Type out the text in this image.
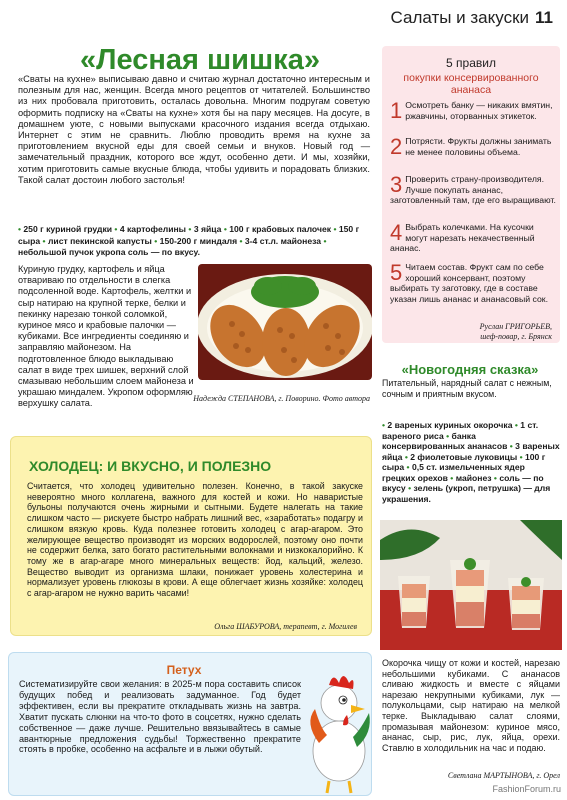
Салаты и закуски 11
«Лесная шишка»
«Сваты на кухне» выписываю давно и считаю журнал достаточно интересным и полезным для нас, женщин. Всегда много рецептов от читателей. Большинство из них пробовала приготовить, осталась довольна. Многим подругам советую оформить подписку на «Сваты на кухне» хотя бы на пару месяцев. На досуге, в домашнем уюте, с новыми выпусками красочного издания всегда отдыхаю. Интернет с этим не сравнить. Люблю проводить время на кухне за приготовлением вкусной еды для своей семьи и внуков. Новый год — замечательный праздник, которого все ждут, особенно дети. И мы, хозяйки, хотим приготовить самые вкусные блюда, чтобы удивить и порадовать близких. Такой салат достоин любого застолья!
• 250 г куриной грудки • 4 картофелины • 3 яйца • 100 г крабовых палочек • 150 г сыра • лист пекинской капусты • 150-200 г миндаля • 3-4 ст.л. майонеза • небольшой пучок укропа соль — по вкусу.
Куриную грудку, картофель и яйца отвариваю по отдельности в слегка подсоленной воде. Картофель, желтки и сыр натираю на крупной терке, белки и пекинку нарезаю тонкой соломкой, куриное мясо и крабовые палочки — кубиками. Все ингредиенты соединяю и заправляю майонезом. На подготовленное блюдо выкладываю салат в виде трех шишек, верхний слой смазываю небольшим слоем майонеза и украшаю миндалем. Укропом оформляю верхушку салата.	Надежда СТЕПАНОВА, г. Поворино. Фото автора
ХОЛОДЕЦ: И ВКУСНО, И ПОЛЕЗНО
Считается, что холодец удивительно полезен. Конечно, в такой закуске невероятно много коллагена, важного для костей и кожи. Но наваристые бульоны получаются очень жирными и сытными. Будете налегать на такие слишком часто — рискуете быстро набрать лишний вес, «заработать» подагру и слишком вязкую кровь. Куда полезнее готовить холодец с агар-агаром. Это желирующее вещество производят из морских водорослей, поэтому оно почти не содержит белка, зато богато растительными волокнами и низкокалорийно. К тому же в агар-агаре много минеральных веществ: йод, кальций, железо. Вещество выводит из организма шлаки, понижает уровень холестерина и нормализует уровень глюкозы в крови. А еще облегчает жизнь хозяйке: холодец с агар-агаром не нужно варить часами!
Ольга ШАБУРОВА, терапевт, г. Могилев
Петух
Систематизируйте свои желания: в 2025-м пора составить список будущих побед и реализовать задуманное. Год будет эффективен, если вы прекратите откладывать жизнь на завтра. Хватит пускать слюнки на что-то фото в соцсетях, нужно сделать собственное — даже лучше. Решительно ввязывайтесь в самые авантюрные предложения судьбы! Торжественно прекратите стоять в пробке, особенно на асфальте и в лыжи обутый.
5 правил
покупки консервированного ананаса
1 Осмотреть банку — никаких вмятин, ржавчины, оторванных этикеток.
2 Потрясти. Фрукты должны занимать не менее половины объема.
3 Проверить страну-производителя. Лучше покупать ананас, заготовленный там, где его выращивают.
4 Выбрать колечками. На кусочки могут нарезать некачественный ананас.
5 Читаем состав. Фрукт сам по себе хороший консервант, поэтому выбирать ту заготовку, где в составе указан лишь ананас и ананасовый сок.
Руслан ГРИГОРЬЕВ,
шеф-повар, г. Брянск
«Новогодняя сказка»
Питательный, нарядный салат с нежным, сочным и приятным вкусом.
• 2 вареных куриных окорочка • 1 ст. вареного риса • банка консервированных ананасов • 3 вареных яйца • 2 фиолетовые луковицы • 100 г сыра • 0,5 ст. измельченных ядер грецких орехов • майонез • соль — по вкусу • зелень (укроп, петрушка) — для украшения.
Окорочка чищу от кожи и костей, нарезаю небольшими кубиками. С ананасов сливаю жидкость и вместе с яйцами нарезаю некрупными кубиками, лук — полукольцами, сыр натираю на мелкой терке. Выкладываю салат слоями, промазывая майонезом: куриное мясо, ананас, сыр, рис, лук, яйца, орехи. Ставлю в холодильник на час и подаю.
Светлана МАРТЫНОВА, г. Орел
FashionForum.ru
